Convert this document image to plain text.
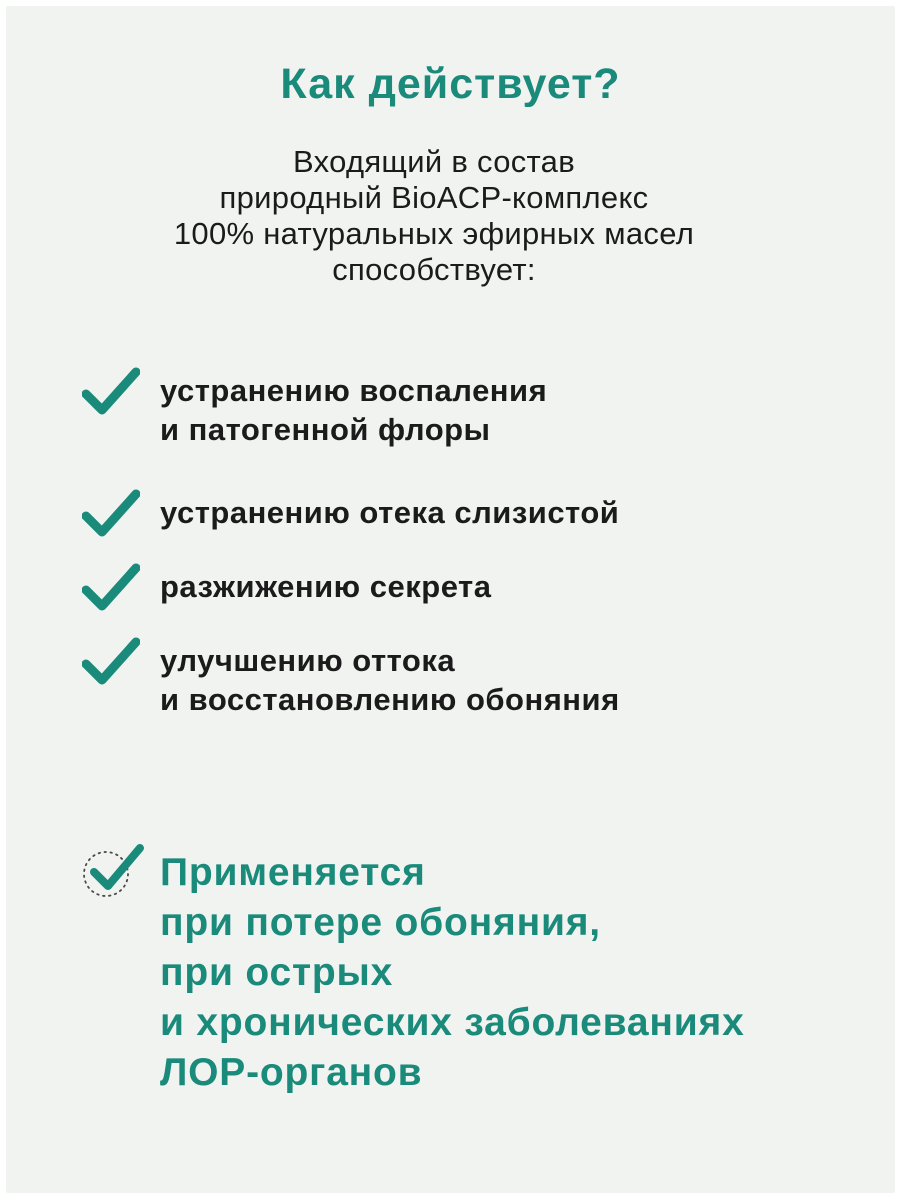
Как действует?
Входящий в состав
природный BioACP-комплекс
100% натуральных эфирных масел
способствует:
устранению воспаления
и патогенной флоры
устранению отека слизистой
разжижению секрета
улучшению оттока
и восстановлению обоняния
Применяется
при потере обоняния,
при острых
и хронических заболеваниях
ЛОР-органов
